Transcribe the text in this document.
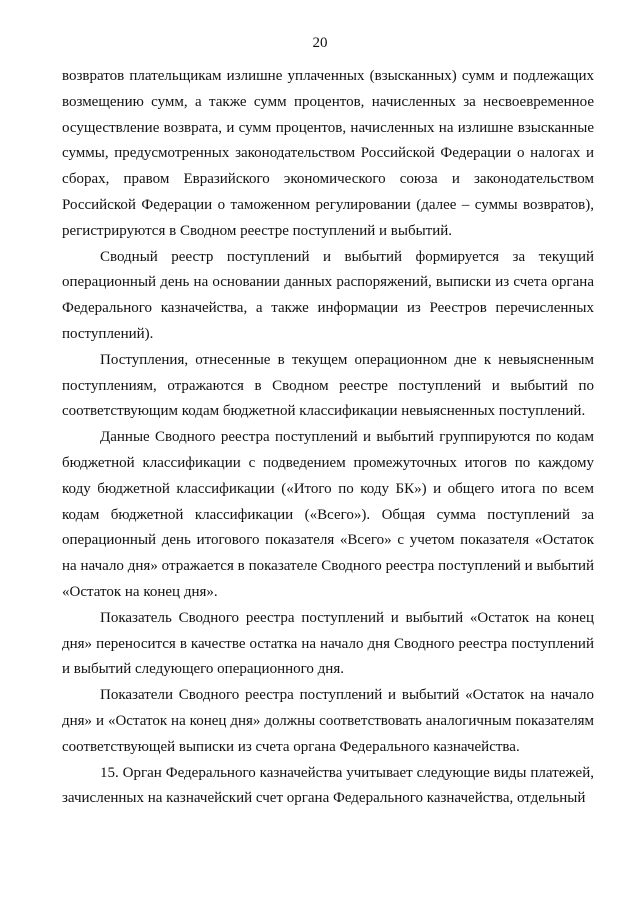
20

возвратов плательщикам излишне уплаченных (взысканных) сумм и подлежащих возмещению сумм, а также сумм процентов, начисленных за несвоевременное осуществление возврата, и сумм процентов, начисленных на излишне взысканные суммы, предусмотренных законодательством Российской Федерации о налогах и сборах, правом Евразийского экономического союза и законодательством Российской Федерации о таможенном регулировании (далее – суммы возвратов), регистрируются в Сводном реестре поступлений и выбытий.

Сводный реестр поступлений и выбытий формируется за текущий операционный день на основании данных распоряжений, выписки из счета органа Федерального казначейства, а также информации из Реестров перечисленных поступлений).

Поступления, отнесенные в текущем операционном дне к невыясненным поступлениям, отражаются в Сводном реестре поступлений и выбытий по соответствующим кодам бюджетной классификации невыясненных поступлений.

Данные Сводного реестра поступлений и выбытий группируются по кодам бюджетной классификации с подведением промежуточных итогов по каждому коду бюджетной классификации («Итого по коду БК») и общего итога по всем кодам бюджетной классификации («Всего»). Общая сумма поступлений за операционный день итогового показателя «Всего» с учетом показателя «Остаток на начало дня» отражается в показателе Сводного реестра поступлений и выбытий «Остаток на конец дня».

Показатель Сводного реестра поступлений и выбытий «Остаток на конец дня» переносится в качестве остатка на начало дня Сводного реестра поступлений и выбытий следующего операционного дня.

Показатели Сводного реестра поступлений и выбытий «Остаток на начало дня» и «Остаток на конец дня» должны соответствовать аналогичным показателям соответствующей выписки из счета органа Федерального казначейства.

15. Орган Федерального казначейства учитывает следующие виды платежей, зачисленных на казначейский счет органа Федерального казначейства, отдельный
